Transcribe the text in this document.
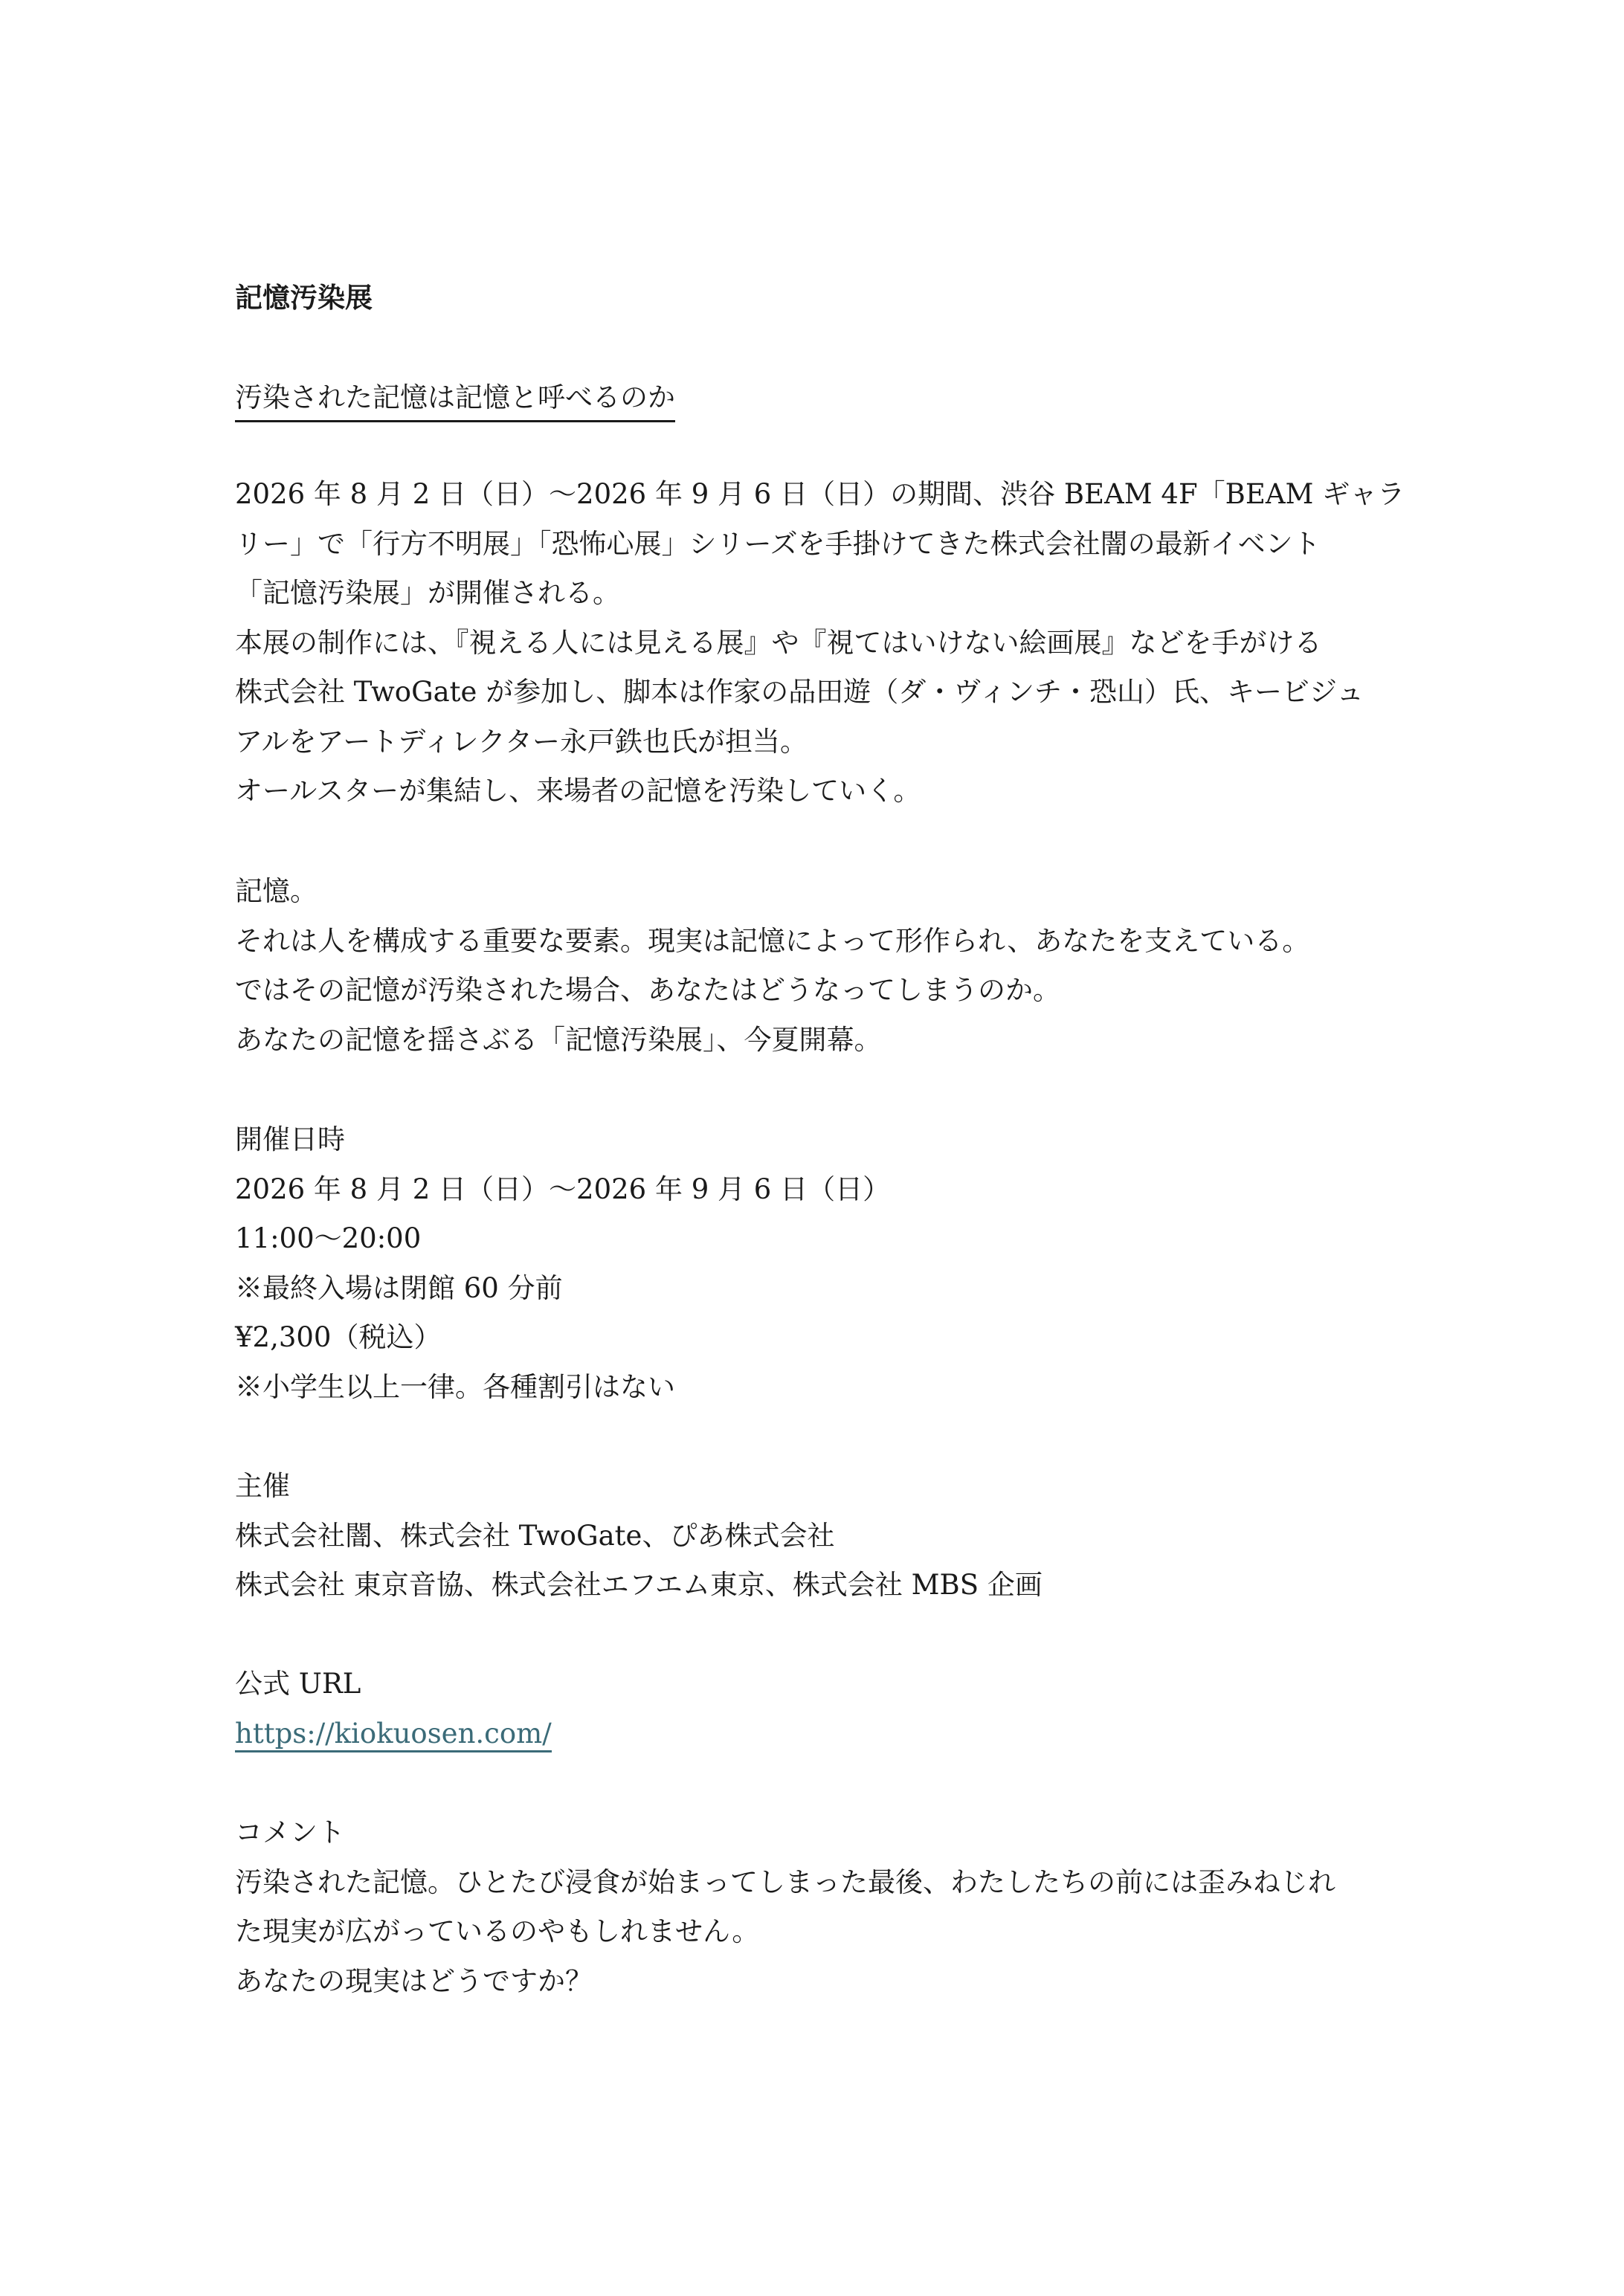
記憶汚染展
汚染された記憶は記憶と呼べるのか

2026 年 8 月 2 日（日）〜2026 年 9 月 6 日（日）の期間、渋谷 BEAM 4F「BEAM ギャラ

リー」で「行方不明展」「恐怖心展」シリーズを手掛けてきた株式会社闇の最新イベント

「記憶汚染展」が開催される。

本展の制作には、『視える人には見える展』や『視てはいけない絵画展』などを手がける

株式会社 TwoGate が参加し、脚本は作家の品田遊（ダ・ヴィンチ・恐山）氏、キービジュ

アルをアートディレクター永戸鉄也氏が担当。

オールスターが集結し、来場者の記憶を汚染していく。

記憶。

それは人を構成する重要な要素。現実は記憶によって形作られ、あなたを支えている。

ではその記憶が汚染された場合、あなたはどうなってしまうのか。

あなたの記憶を揺さぶる「記憶汚染展」、今夏開幕。

開催日時

2026 年 8 月 2 日（日）〜2026 年 9 月 6 日（日）

11:00〜20:00

※最終入場は閉館 60 分前

¥2,300（税込）

※小学生以上一律。各種割引はない

主催

株式会社闇、株式会社 TwoGate、ぴあ株式会社

株式会社 東京音協、株式会社エフエム東京、株式会社 MBS 企画

公式 URL

https://kiokuosen.com/

コメント

汚染された記憶。ひとたび浸食が始まってしまった最後、わたしたちの前には歪みねじれ

た現実が広がっているのやもしれません。

あなたの現実はどうですか？
